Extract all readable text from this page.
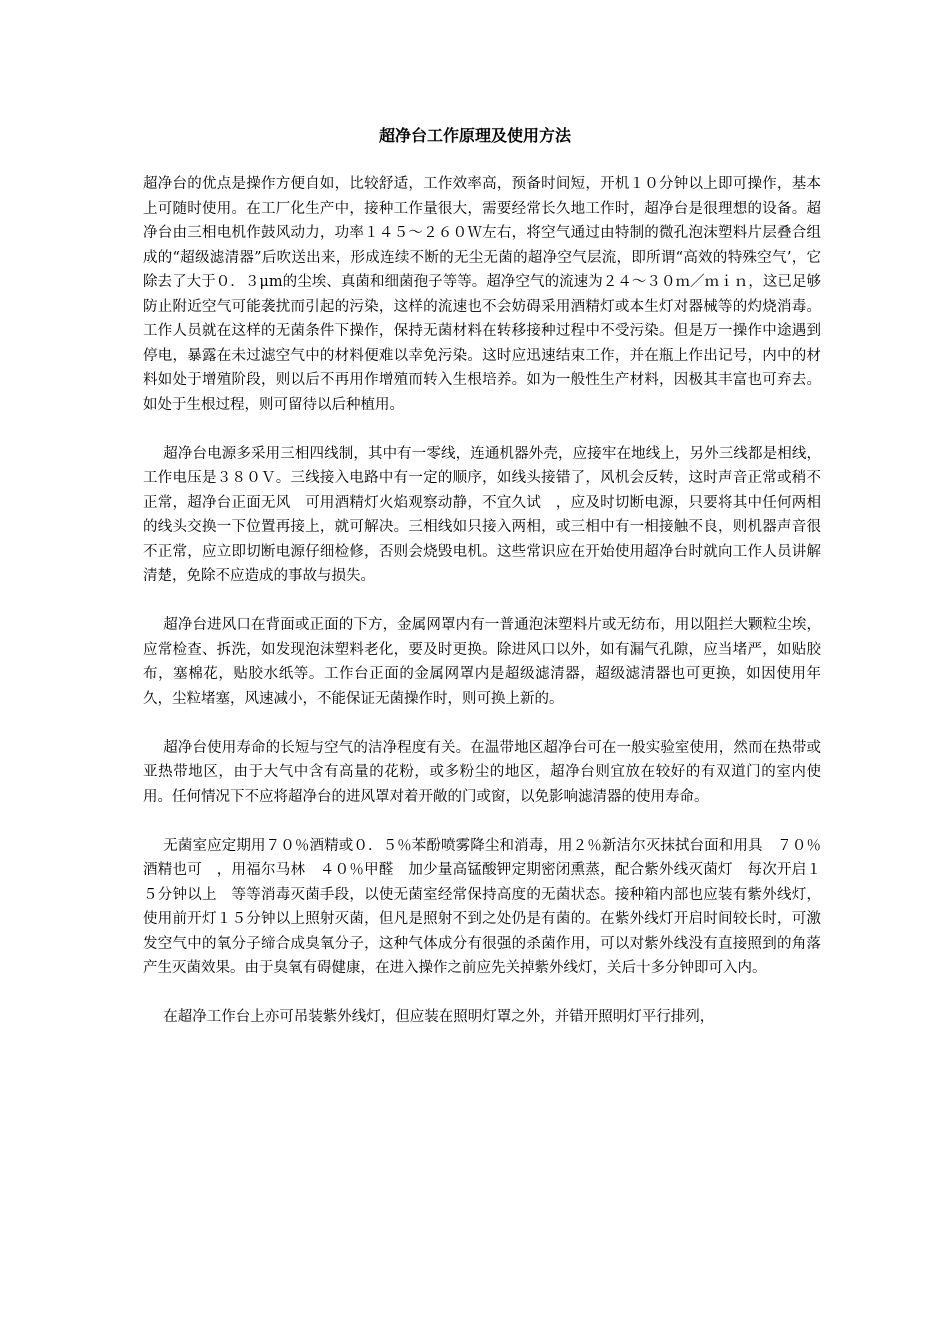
超净台工作原理及使用方法

超净台的优点是操作方便自如，比较舒适，工作效率高，预备时间短，开机１０分钟以上即可操作，基本上可随时使用。在工厂化生产中，接种工作量很大，需要经常长久地工作时，超净台是很理想的设备。超净台由三相电机作鼓风动力，功率１４５～２６０Ｗ左右，将空气通过由特制的微孔泡沫塑料片层叠合组成的“超级滤清器”后吹送出来，形成连续不断的无尘无菌的超净空气层流，即所谓“高效的特殊空气’，它除去了大于０．３μm的尘埃、真菌和细菌孢子等等。超净空气的流速为２４～３０ｍ／ｍｉｎ，这已足够防止附近空气可能袭扰而引起的污染，这样的流速也不会妨碍采用酒精灯或本生灯对器械等的灼烧消毒。工作人员就在这样的无菌条件下操作，保持无菌材料在转移接种过程中不受污染。但是万一操作中途遇到停电，暴露在未过滤空气中的材料便难以幸免污染。这时应迅速结束工作，并在瓶上作出记号，内中的材料如处于增殖阶段，则以后不再用作增殖而转入生根培养。如为一般性生产材料，因极其丰富也可弃去。如处于生根过程，则可留待以后种植用。

超净台电源多采用三相四线制，其中有一零线，连通机器外壳，应接牢在地线上，另外三线都是相线，工作电压是３８０Ｖ。三线接入电路中有一定的顺序，如线头接错了，风机会反转，这时声音正常或稍不正常，超净台正面无风　可用酒精灯火焰观察动静，不宜久试　，应及时切断电源，只要将其中任何两相的线头交换一下位置再接上，就可解决。三相线如只接入两相，或三相中有一相接触不良，则机器声音很不正常，应立即切断电源仔细检修，否则会烧毁电机。这些常识应在开始使用超净台时就向工作人员讲解清楚，免除不应造成的事故与损失。

超净台进风口在背面或正面的下方，金属网罩内有一普通泡沫塑料片或无纺布，用以阻拦大颗粒尘埃，应常检查、拆洗，如发现泡沫塑料老化，要及时更换。除进风口以外，如有漏气孔隙，应当堵严，如贴胶布，塞棉花，贴胶水纸等。工作台正面的金属网罩内是超级滤清器，超级滤清器也可更换，如因使用年久，尘粒堵塞，风速减小，不能保证无菌操作时，则可换上新的。

超净台使用寿命的长短与空气的洁净程度有关。在温带地区超净台可在一般实验室使用，然而在热带或亚热带地区，由于大气中含有高量的花粉，或多粉尘的地区，超净台则宜放在较好的有双道门的室内使用。任何情况下不应将超净台的进风罩对着开敞的门或窗，以免影响滤清器的使用寿命。

无菌室应定期用７０％酒精或０．５％苯酚喷雾降尘和消毒，用２％新洁尔灭抹拭台面和用具　７０％酒精也可　，用福尔马林　４０％甲醛　加少量高锰酸钾定期密闭熏蒸，配合紫外线灭菌灯　每次开启１５分钟以上　等等消毒灭菌手段，以使无菌室经常保持高度的无菌状态。接种箱内部也应装有紫外线灯，使用前开灯１５分钟以上照射灭菌，但凡是照射不到之处仍是有菌的。在紫外线灯开启时间较长时，可激发空气中的氧分子缔合成臭氧分子，这种气体成分有很强的杀菌作用，可以对紫外线没有直接照到的角落产生灭菌效果。由于臭氧有碍健康，在进入操作之前应先关掉紫外线灯，关后十多分钟即可入内。

在超净工作台上亦可吊装紫外线灯，但应装在照明灯罩之外，并错开照明灯平行排列，
